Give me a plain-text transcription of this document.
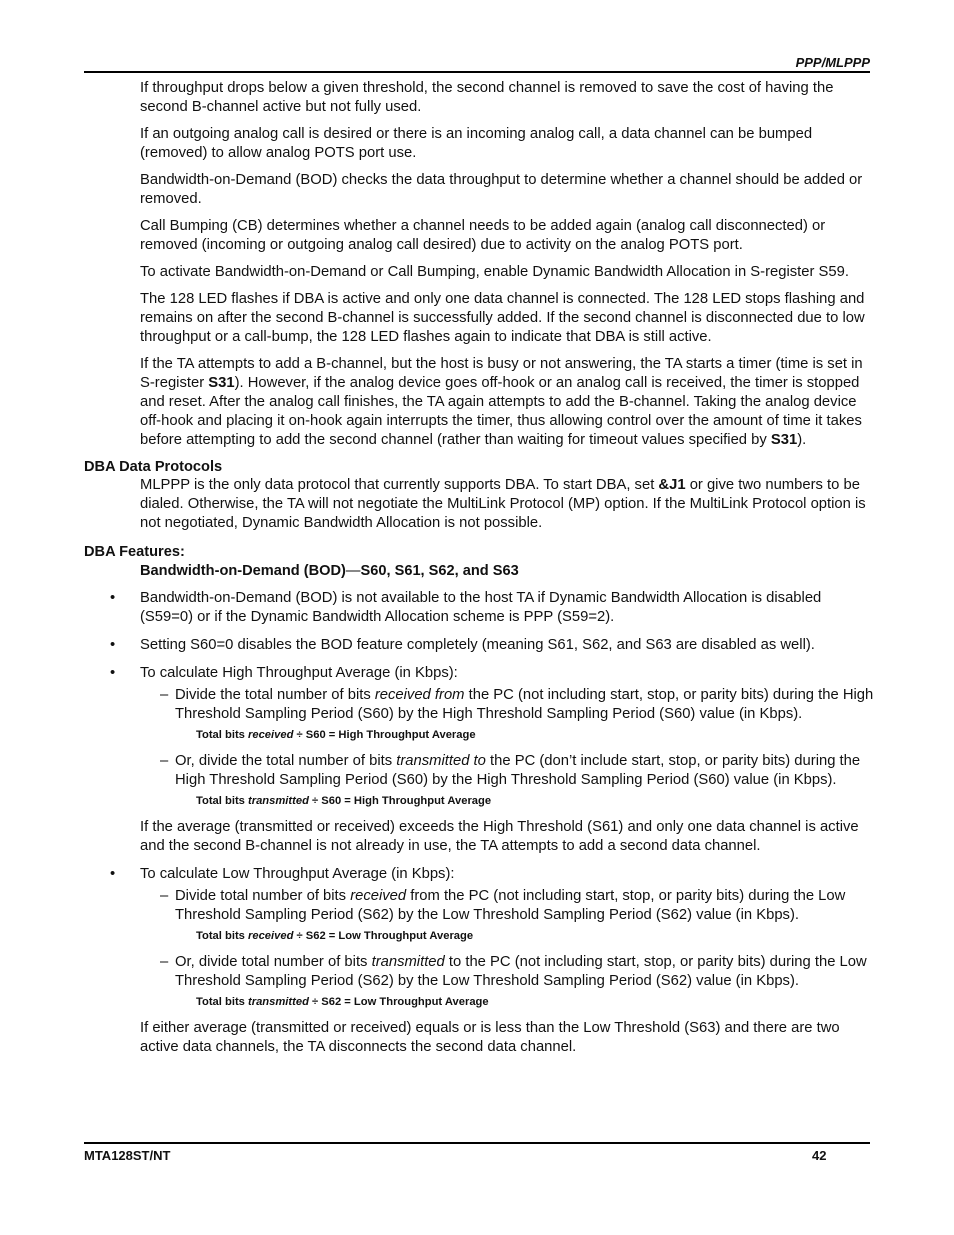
PPP/MLPPP

If throughput drops below a given threshold, the second channel is removed to save the cost of having the second B-channel active but not fully used.

If an outgoing analog call is desired or there is an incoming analog call, a data channel can be bumped (removed) to allow analog POTS port use.

Bandwidth-on-Demand (BOD) checks the data throughput to determine whether a channel should be added or removed.

Call Bumping (CB) determines whether a channel needs to be added again (analog call disconnected) or removed (incoming or outgoing analog call desired) due to activity on the analog POTS port.

To activate Bandwidth-on-Demand or Call Bumping, enable Dynamic Bandwidth Allocation in S-register S59.

The 128 LED flashes if DBA is active and only one data channel is connected. The 128 LED stops flashing and remains on after the second B-channel is successfully added. If the second channel is disconnected due to low throughput or a call-bump, the 128 LED flashes again to indicate that DBA is still active.

If the TA attempts to add a B-channel, but the host is busy or not answering, the TA starts a timer (time is set in S-register S31). However, if the analog device goes off-hook or an analog call is received, the timer is stopped and reset. After the analog call finishes, the TA again attempts to add the B-channel. Taking the analog device off-hook and placing it on-hook again interrupts the timer, thus allowing control over the amount of time it takes before attempting to add the second channel (rather than waiting for timeout values specified by S31).

DBA Data Protocols

MLPPP is the only data protocol that currently supports DBA. To start DBA, set &J1 or give two numbers to be dialed. Otherwise, the TA will not negotiate the MultiLink Protocol (MP) option. If the MultiLink Protocol option is not negotiated, Dynamic Bandwidth Allocation is not possible.

DBA Features:
Bandwidth-on-Demand (BOD)—S60, S61, S62, and S63
• Bandwidth-on-Demand (BOD) is not available to the host TA if Dynamic Bandwidth Allocation is disabled (S59=0) or if the Dynamic Bandwidth Allocation scheme is PPP (S59=2).
• Setting S60=0 disables the BOD feature completely (meaning S61, S62, and S63 are disabled as well).
• To calculate High Throughput Average (in Kbps):
– Divide the total number of bits received from the PC (not including start, stop, or parity bits) during the High Threshold Sampling Period (S60) by the High Threshold Sampling Period (S60) value (in Kbps).
Total bits received ÷ S60 = High Throughput Average
– Or, divide the total number of bits transmitted to the PC (don’t include start, stop, or parity bits) during the High Threshold Sampling Period (S60) by the High Threshold Sampling Period (S60) value (in Kbps).
Total bits transmitted ÷ S60 = High Throughput Average

If the average (transmitted or received) exceeds the High Threshold (S61) and only one data channel is active and the second B-channel is not already in use, the TA attempts to add a second data channel.

• To calculate Low Throughput Average (in Kbps):
– Divide total number of bits received from the PC (not including start, stop, or parity bits) during the Low Threshold Sampling Period (S62) by the Low Threshold Sampling Period (S62) value (in Kbps).
Total bits received ÷ S62 = Low Throughput Average
– Or, divide total number of bits transmitted to the PC (not including start, stop, or parity bits) during the Low Threshold Sampling Period (S62) by the Low Threshold Sampling Period (S62) value (in Kbps).
Total bits transmitted ÷ S62 = Low Throughput Average

If either average (transmitted or received) equals or is less than the Low Threshold (S63) and there are two active data channels, the TA disconnects the second data channel.

MTA128ST/NT	42
